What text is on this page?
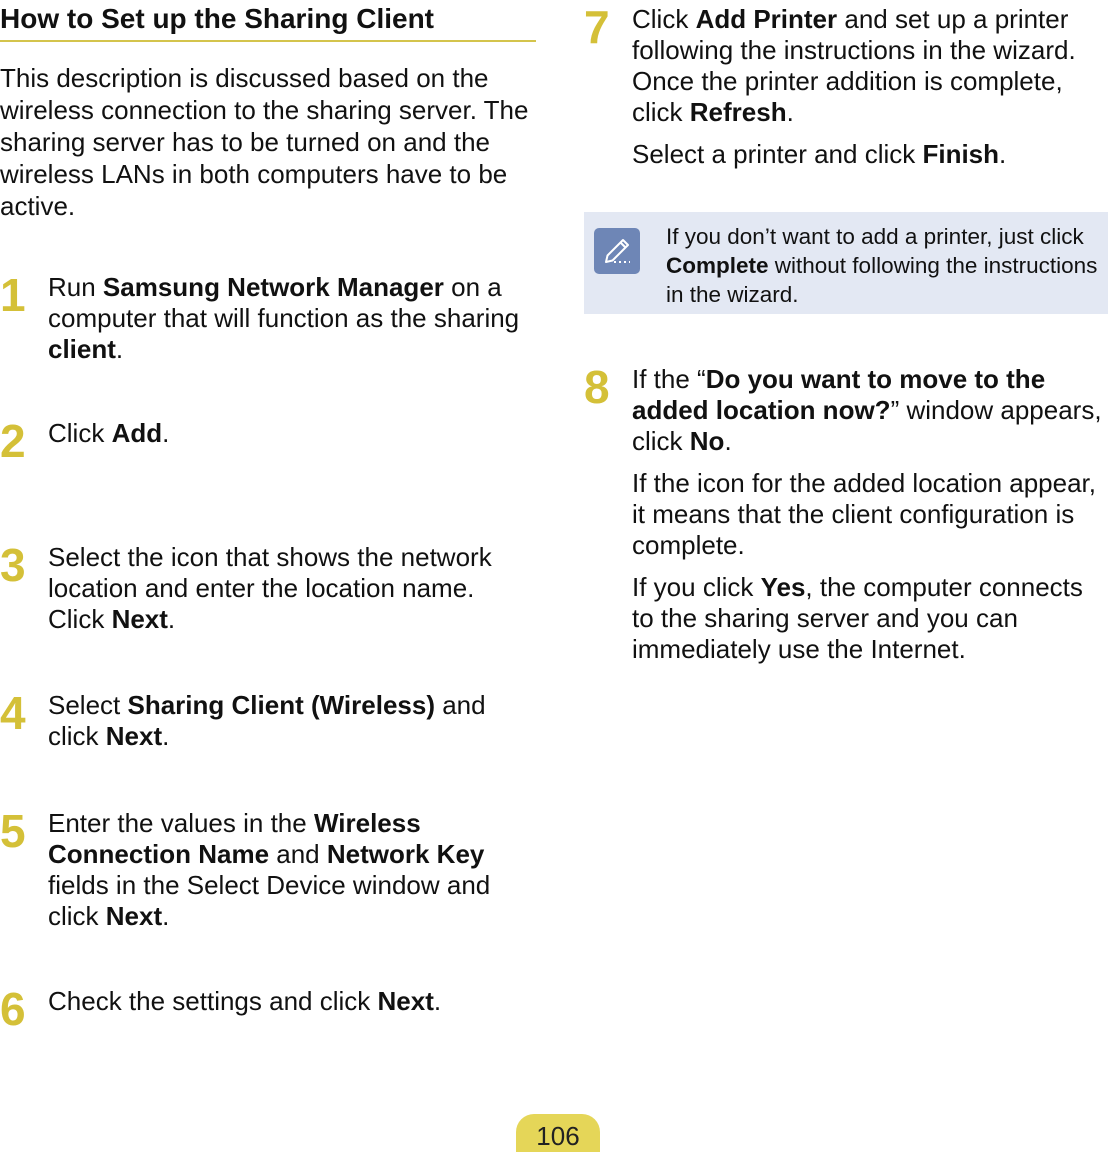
How to Set up the Sharing Client

This description is discussed based on the wireless connection to the sharing server. The sharing server has to be turned on and the wireless LANs in both computers have to be active.

1 Run Samsung Network Manager on a computer that will function as the sharing client.

2 Click Add.

3 Select the icon that shows the network location and enter the location name. Click Next.

4 Select Sharing Client (Wireless) and click Next.

5 Enter the values in the Wireless Connection Name and Network Key fields in the Select Device window and click Next.

6 Check the settings and click Next.

7 Click Add Printer and set up a printer following the instructions in the wizard. Once the printer addition is complete, click Refresh.

Select a printer and click Finish.

If you don’t want to add a printer, just click Complete without following the instructions in the wizard.

8 If the “Do you want to move to the added location now?” window appears, click No.

If the icon for the added location appear, it means that the client configuration is complete.

If you click Yes, the computer connects to the sharing server and you can immediately use the Internet.

106
